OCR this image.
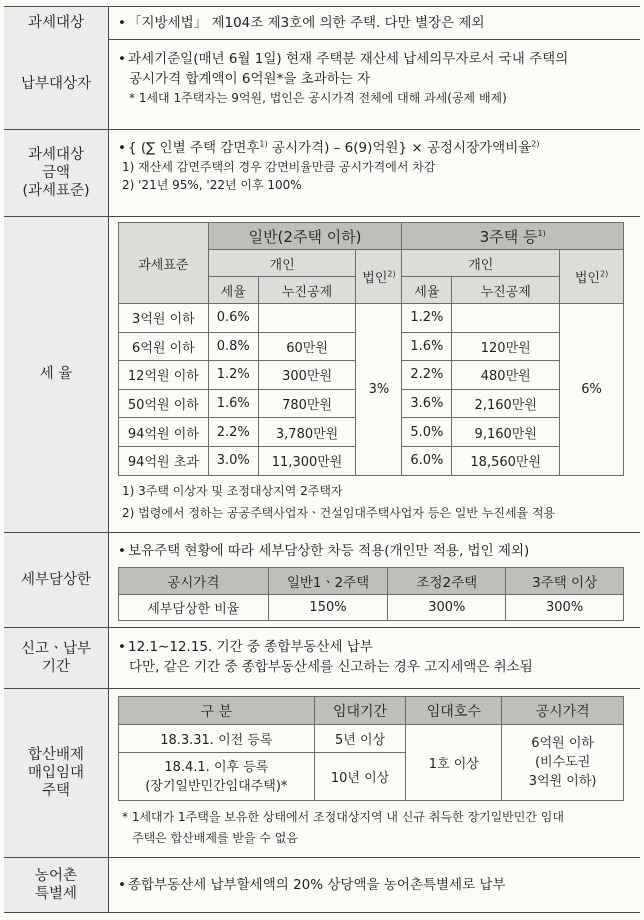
과세대상	• 「지방세법」 제104조 제3호에 의한 주택. 다만 별장은 제외
납부대상자
• 과세기준일(매년 6월 1일) 현재 주택분 재산세 납세의무자로서 국내 주택의
공시가격 합계액이 6억원*을 초과하는 자
* 1세대 1주택자는 9억원, 법인은 공시가격 전체에 대해 과세(공제 배제)
과세대상
금액
(과세표준)
• { (∑ 인별 주택 감면후$^{1)}$ 공시가격) – 6(9)억원} × 공정시장가액비율$^{2)}$
1) 재산세 감면주택의 경우 감면비율만큼 공시가격에서 차감
2) '21년 95%, '22년 이후 100%
세 율
과세표준	일반(2주택 이하)			3주택 등$^{1)}$
	개인		법인$^{2)}$	개인		법인$^{2)}$
	세율	누진공제		세율	누진공제	
3억원 이하	0.6%		3%	1.2%		6%
6억원 이하	0.8%	60만원		1.6%	120만원	
12억원 이하	1.2%	300만원		2.2%	480만원	
50억원 이하	1.6%	780만원		3.6%	2,160만원	
94억원 이하	2.2%	3,780만원		5.0%	9,160만원	
94억원 초과	3.0%	11,300만원		6.0%	18,560만원	
1) 3주택 이상자 및 조정대상지역 2주택자
2) 법령에서 정하는 공공주택사업자ㆍ건설임대주택사업자 등은 일반 누진세율 적용
세부담상한
• 보유주택 현황에 따라 세부담상한 차등 적용(개인만 적용, 법인 제외)
공시가격	일반1ㆍ2주택	조정2주택	3주택 이상
세부담상한 비율	150%	300%	300%
신고ㆍ납부
기간
• 12.1∼12.15. 기간 중 종합부동산세 납부
다만, 같은 기간 중 종합부동산세를 신고하는 경우 고지세액은 취소됨
합산배제
매입임대
주택
구 분	임대기간	임대호수	공시가격
18.3.31. 이전 등록	5년 이상	1호 이상	6억원 이하
(비수도권
3억원 이하)

18.4.1. 이후 등록
(장기일반민간임대주택)*	10년 이상		
* 1세대가 1주택을 보유한 상태에서 조정대상지역 내 신규 취득한 장기일반민간 임대
주택은 합산배제를 받을 수 없음
농어촌
특별세
• 종합부동산세 납부할세액의 20% 상당액을 농어촌특별세로 납부
